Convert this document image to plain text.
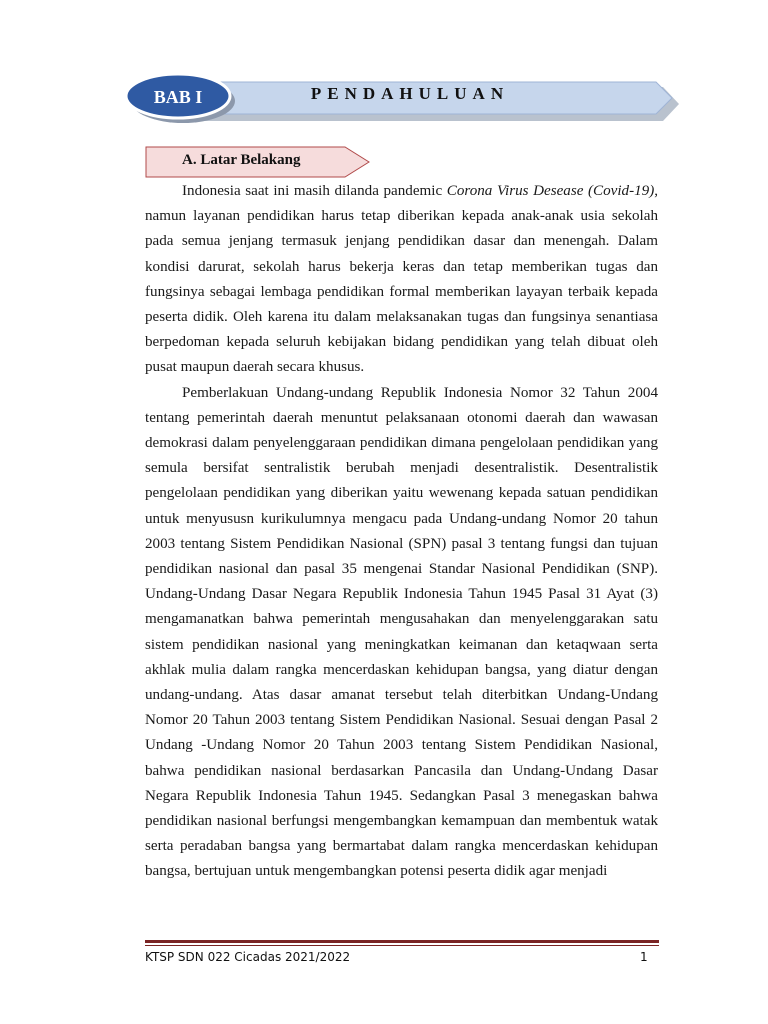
BAB I	PENDAHULUAN
A. Latar Belakang

Indonesia saat ini masih dilanda pandemic Corona Virus Desease (Covid-19), namun layanan pendidikan harus tetap diberikan kepada anak-anak usia sekolah pada semua jenjang termasuk jenjang pendidikan dasar dan menengah. Dalam kondisi darurat, sekolah harus bekerja keras dan tetap memberikan tugas dan fungsinya sebagai lembaga pendidikan formal memberikan layayan terbaik kepada peserta didik. Oleh karena itu dalam melaksanakan tugas dan fungsinya senantiasa berpedoman kepada seluruh kebijakan bidang pendidikan yang telah dibuat oleh pusat maupun daerah secara khusus.

Pemberlakuan Undang-undang Republik Indonesia Nomor 32 Tahun 2004 tentang pemerintah daerah menuntut pelaksanaan otonomi daerah dan wawasan demokrasi dalam penyelenggaraan pendidikan dimana pengelolaan pendidikan yang semula bersifat sentralistik berubah menjadi desentralistik. Desentralistik pengelolaan pendidikan yang diberikan yaitu wewenang kepada satuan pendidikan untuk menyususn kurikulumnya mengacu pada Undang-undang Nomor 20 tahun 2003 tentang Sistem Pendidikan Nasional (SPN) pasal 3 tentang fungsi dan tujuan pendidikan nasional dan pasal 35 mengenai Standar Nasional Pendidikan (SNP). Undang-Undang Dasar Negara Republik Indonesia Tahun 1945 Pasal 31 Ayat (3) mengamanatkan bahwa pemerintah mengusahakan dan menyelenggarakan satu sistem pendidikan nasional yang meningkatkan keimanan dan ketaqwaan serta akhlak mulia dalam rangka mencerdaskan kehidupan bangsa, yang diatur dengan undang-undang. Atas dasar amanat tersebut telah diterbitkan Undang-Undang Nomor 20 Tahun 2003 tentang Sistem Pendidikan Nasional. Sesuai dengan Pasal 2 Undang -Undang Nomor 20 Tahun 2003 tentang Sistem Pendidikan Nasional, bahwa pendidikan nasional berdasarkan Pancasila dan Undang-Undang Dasar Negara Republik Indonesia Tahun 1945. Sedangkan Pasal 3 menegaskan bahwa pendidikan nasional berfungsi mengembangkan kemampuan dan membentuk watak serta peradaban bangsa yang bermartabat dalam rangka mencerdaskan kehidupan bangsa, bertujuan untuk mengembangkan potensi peserta didik agar menjadi

KTSP SDN 022 Cicadas 2021/2022	1
